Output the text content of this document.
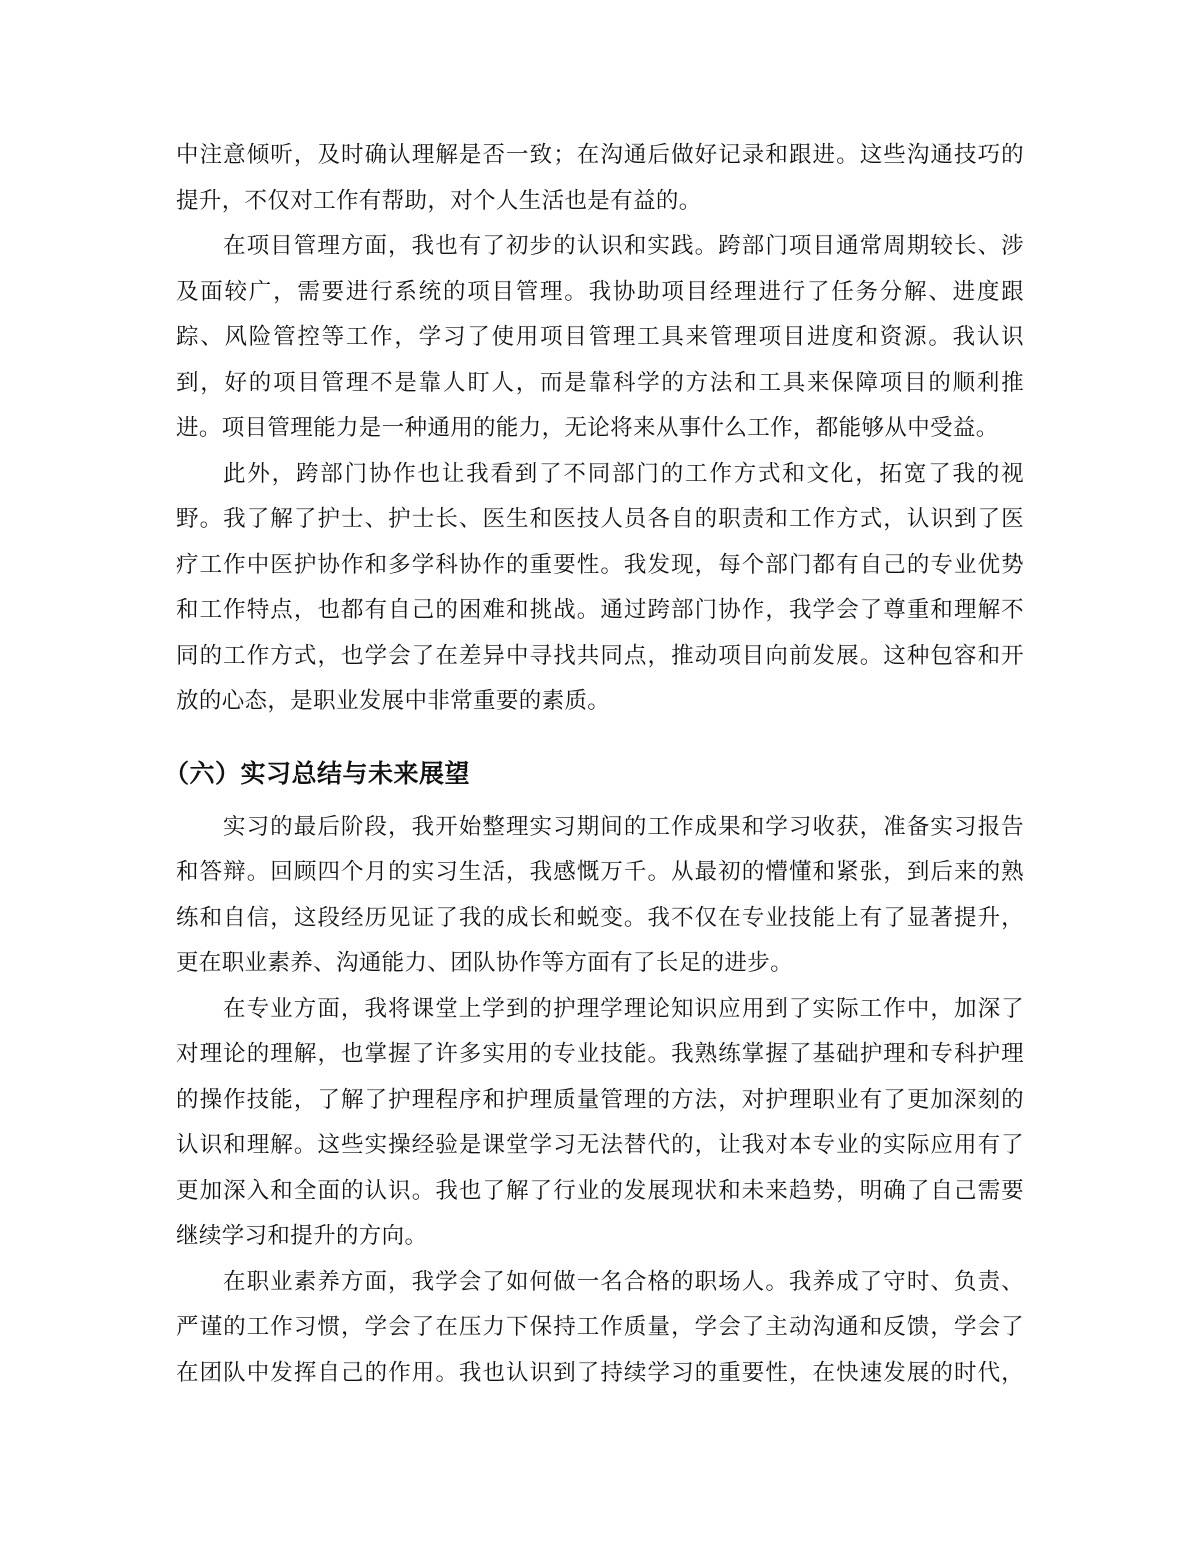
中注意倾听，及时确认理解是否一致；在沟通后做好记录和跟进。这些沟通技巧的
提升，不仅对工作有帮助，对个人生活也是有益的。
在项目管理方面，我也有了初步的认识和实践。跨部门项目通常周期较长、涉
及面较广，需要进行系统的项目管理。我协助项目经理进行了任务分解、进度跟
踪、风险管控等工作，学习了使用项目管理工具来管理项目进度和资源。我认识
到，好的项目管理不是靠人盯人，而是靠科学的方法和工具来保障项目的顺利推
进。项目管理能力是一种通用的能力，无论将来从事什么工作，都能够从中受益。
此外，跨部门协作也让我看到了不同部门的工作方式和文化，拓宽了我的视
野。我了解了护士、护士长、医生和医技人员各自的职责和工作方式，认识到了医
疗工作中医护协作和多学科协作的重要性。我发现，每个部门都有自己的专业优势
和工作特点，也都有自己的困难和挑战。通过跨部门协作，我学会了尊重和理解不
同的工作方式，也学会了在差异中寻找共同点，推动项目向前发展。这种包容和开
放的心态，是职业发展中非常重要的素质。
（六）实习总结与未来展望
实习的最后阶段，我开始整理实习期间的工作成果和学习收获，准备实习报告
和答辩。回顾四个月的实习生活，我感慨万千。从最初的懵懂和紧张，到后来的熟
练和自信，这段经历见证了我的成长和蜕变。我不仅在专业技能上有了显著提升，
更在职业素养、沟通能力、团队协作等方面有了长足的进步。
在专业方面，我将课堂上学到的护理学理论知识应用到了实际工作中，加深了
对理论的理解，也掌握了许多实用的专业技能。我熟练掌握了基础护理和专科护理
的操作技能，了解了护理程序和护理质量管理的方法，对护理职业有了更加深刻的
认识和理解。这些实操经验是课堂学习无法替代的，让我对本专业的实际应用有了
更加深入和全面的认识。我也了解了行业的发展现状和未来趋势，明确了自己需要
继续学习和提升的方向。
在职业素养方面，我学会了如何做一名合格的职场人。我养成了守时、负责、
严谨的工作习惯，学会了在压力下保持工作质量，学会了主动沟通和反馈，学会了
在团队中发挥自己的作用。我也认识到了持续学习的重要性，在快速发展的时代，
